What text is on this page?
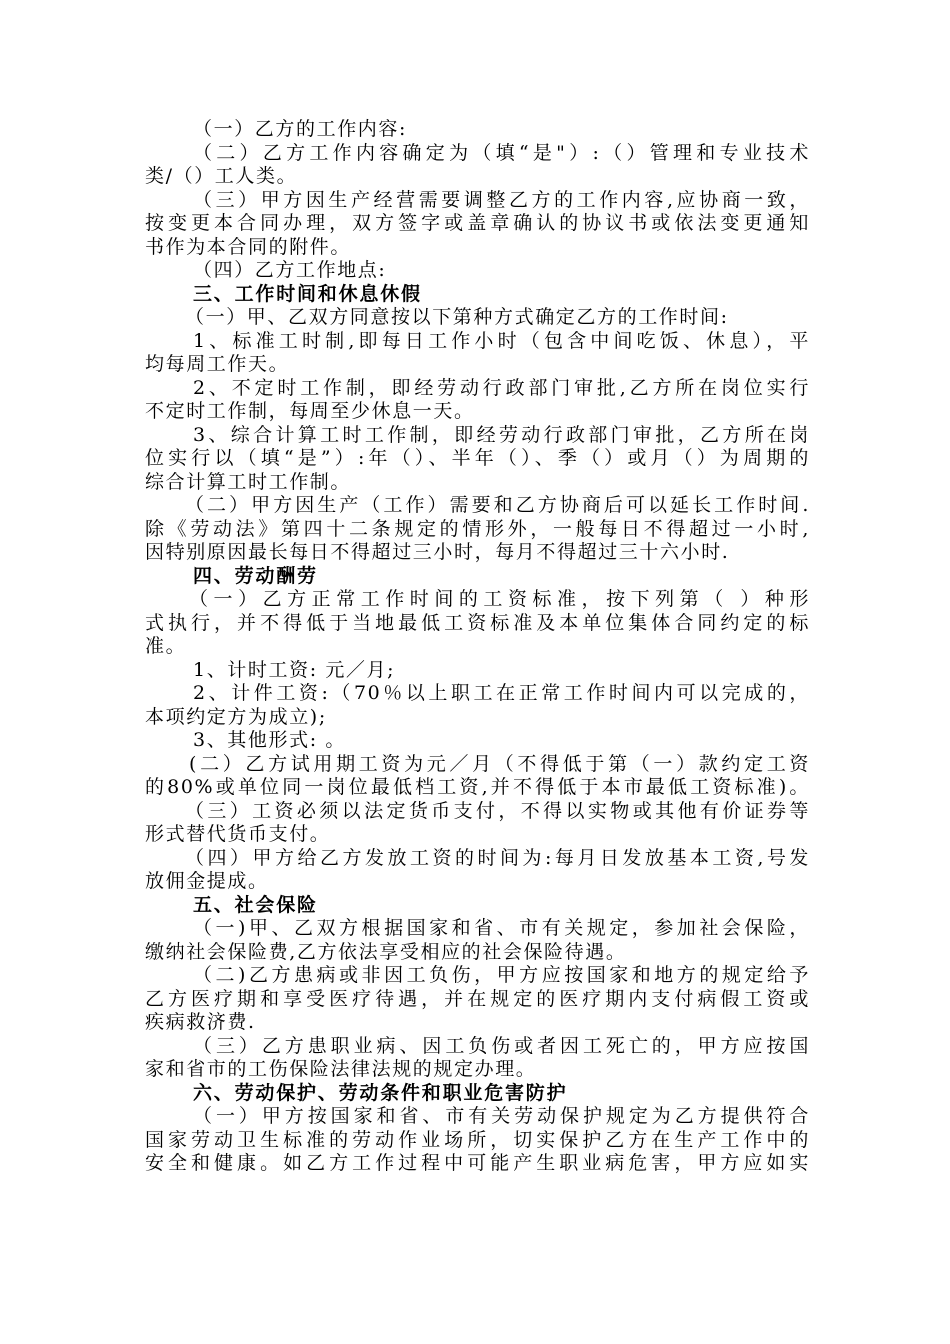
（一）乙方的工作内容:
（二）乙方工作内容确定为（填“是"）:（）管理和专业技术
类/（）工人类。
（三）甲方因生产经营需要调整乙方的工作内容,应协商一致，
按变更本合同办理，双方签字或盖章确认的协议书或依法变更通知
书作为本合同的附件。
（四）乙方工作地点:
三、工作时间和休息休假
（一）甲、乙双方同意按以下第种方式确定乙方的工作时间:
1、标准工时制,即每日工作小时（包含中间吃饭、休息），平
均每周工作天。
2、不定时工作制，即经劳动行政部门审批,乙方所在岗位实行
不定时工作制，每周至少休息一天。
3、综合计算工时工作制，即经劳动行政部门审批，乙方所在岗
位实行以（填“是”）:年（）、半年（）、季（）或月（）为周期的
综合计算工时工作制。
（二）甲方因生产（工作）需要和乙方协商后可以延长工作时间.
除《劳动法》第四十二条规定的情形外，一般每日不得超过一小时,
因特别原因最长每日不得超过三小时，每月不得超过三十六小时.
四、劳动酬劳
（一）乙方正常工作时间的工资标准，按下列第（ ）种形
式执行，并不得低于当地最低工资标准及本单位集体合同约定的标
准。
1、计时工资: 元／月;
2、计件工资:（70％以上职工在正常工作时间内可以完成的，
本项约定方为成立);
3、其他形式: 。
(二）乙方试用期工资为元／月（不得低于第（一）款约定工资
的80%或单位同一岗位最低档工资,并不得低于本市最低工资标准)。
（三）工资必须以法定货币支付，不得以实物或其他有价证券等
形式替代货币支付。
（四）甲方给乙方发放工资的时间为:每月日发放基本工资,号发
放佣金提成。
五、社会保险
（一)甲、乙双方根据国家和省、市有关规定，参加社会保险，
缴纳社会保险费,乙方依法享受相应的社会保险待遇。
（二)乙方患病或非因工负伤，甲方应按国家和地方的规定给予
乙方医疗期和享受医疗待遇，并在规定的医疗期内支付病假工资或
疾病救济费.
（三）乙方患职业病、因工负伤或者因工死亡的，甲方应按国
家和省市的工伤保险法律法规的规定办理。
六、劳动保护、劳动条件和职业危害防护
（一）甲方按国家和省、市有关劳动保护规定为乙方提供符合
国家劳动卫生标准的劳动作业场所，切实保护乙方在生产工作中的
安全和健康。如乙方工作过程中可能产生职业病危害，甲方应如实
